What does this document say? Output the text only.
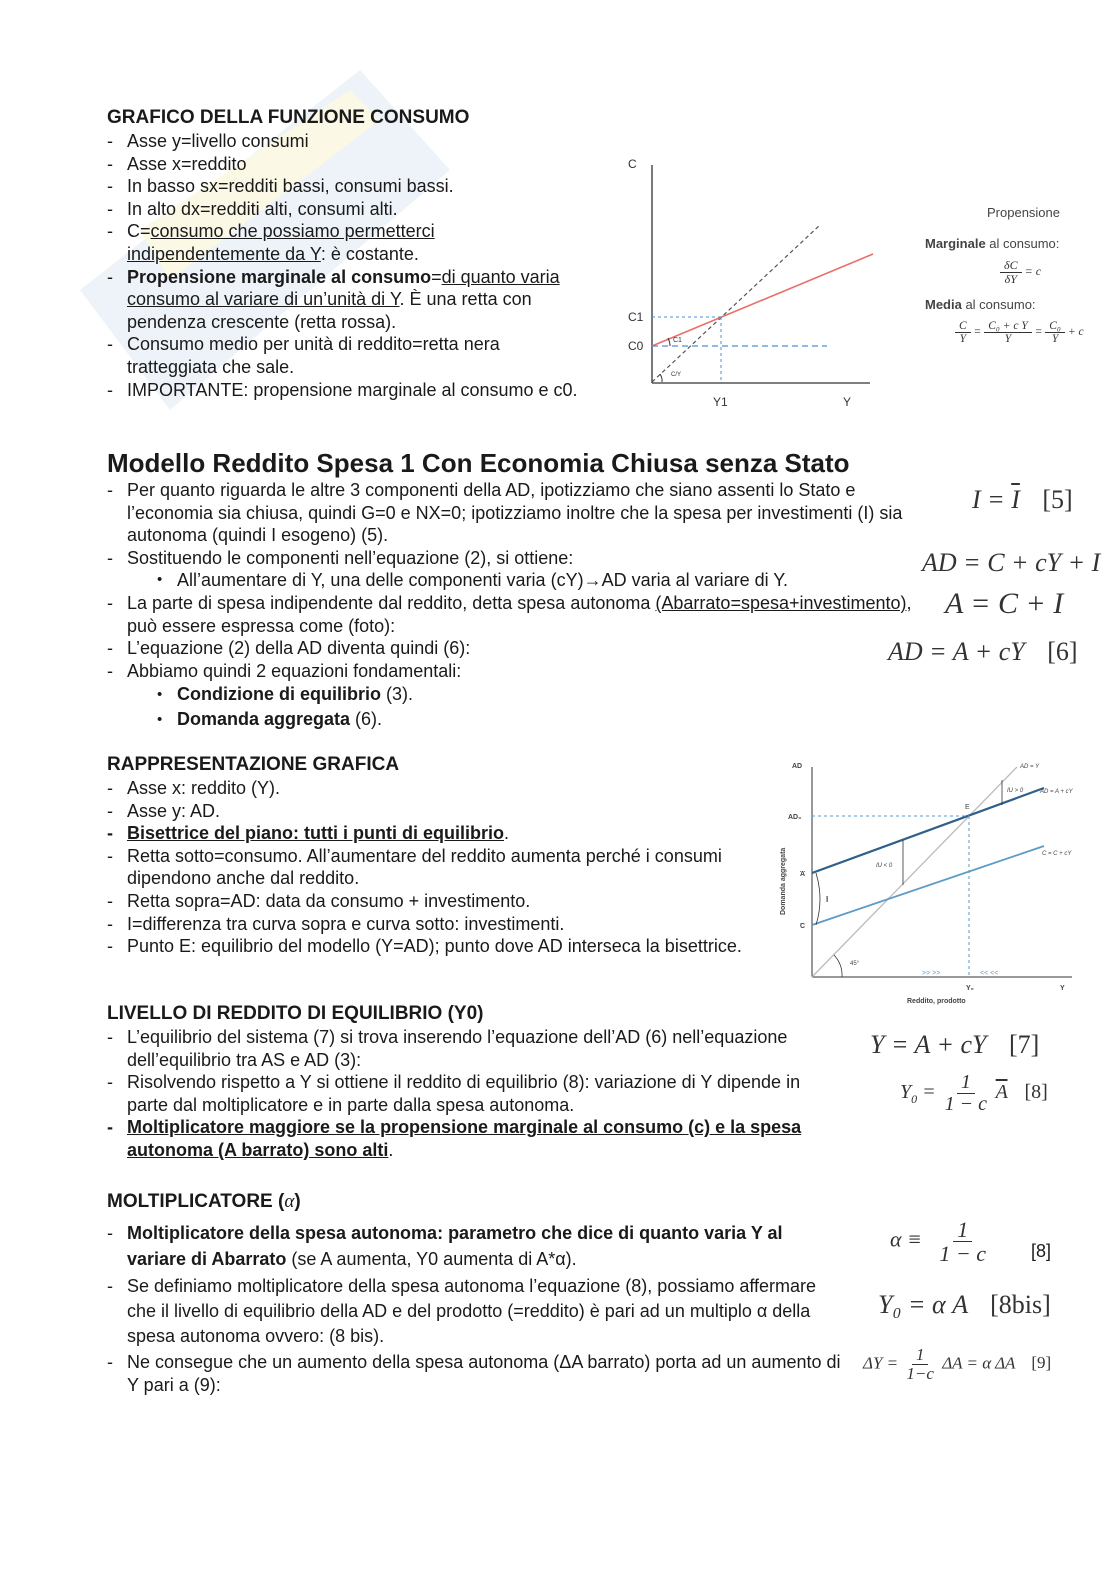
GRAFICO DELLA FUNZIONE CONSUMO
- Asse y=livello consumi
- Asse x=reddito
- In basso sx=redditi bassi, consumi bassi.
- In alto dx=redditi alti, consumi alti.
- C=consumo che possiamo permetterci indipendentemente da Y: è costante.
- Propensione marginale al consumo=di quanto varia consumo al variare di un’unità di Y. È una retta con pendenza crescente (retta rossa).
- Consumo medio per unità di reddito=retta nera tratteggiata che sale.
- IMPORTANTE: propensione marginale al consumo e c0.
C
C1
C0
Y1	Y
C1
C/Y
Propensione
Marginale al consumo:
$\frac{\delta C}{\delta Y} = c$
Media al consumo:
$\frac{C}{Y} = \frac{\text{C₀ + c Y}}{Y} = \frac{\text{C₀}}{Y} + c$
Modello Reddito Spesa 1 Con Economia Chiusa senza Stato
- Per quanto riguarda le altre 3 componenti della AD, ipotizziamo che siano assenti lo Stato e l’economia sia chiusa, quindi G=0 e NX=0; ipotizziamo inoltre che la spesa per investimenti (I) sia autonoma (quindi I esogeno) (5).
- Sostituendo le componenti nell’equazione (2), si ottiene:
• All’aumentare di Y, una delle componenti varia (cY)→AD varia al variare di Y.
- La parte di spesa indipendente dal reddito, detta spesa autonoma (Abarrato=spesa+investimento), può essere espressa come (foto):
- L’equazione (2) della AD diventa quindi (6):
- Abbiamo quindi 2 equazioni fondamentali:
• Condizione di equilibrio (3).
• Domanda aggregata (6).
$I = \overline{I}$ [5]
AD = C + cY + I
A = C + I
AD = A + cY [6]
RAPPRESENTAZIONE GRAFICA
- Asse x: reddito (Y).
- Asse y: AD.
- Bisettrice del piano: tutti i punti di equilibrio.
- Retta sotto=consumo. All’aumentare del reddito aumenta perché i consumi dipendono anche dal reddito.
- Retta sopra=AD: data da consumo + investimento.
- I=differenza tra curva sopra e curva sotto: investimenti.
- Punto E: equilibrio del modello (Y=AD); punto dove AD interseca la bisettrice.
AD
AD₀
A
C
I
E
45°
AD = Y
AD = A + cY
C = C + cY
IU > 0
IU < 0
>> >>	<< <<
Y₀	Y
Reddito, prodotto
Domanda aggregata
LIVELLO DI REDDITO DI EQUILIBRIO (Y0)
- L’equilibrio del sistema (7) si trova inserendo l’equazione dell’AD (6) nell’equazione dell’equilibrio tra AS e AD (3):
- Risolvendo rispetto a Y si ottiene il reddito di equilibrio (8): variazione di Y dipende in parte dal moltiplicatore e in parte dalla spesa autonoma.
- Moltiplicatore maggiore se la propensione marginale al consumo (c) e la spesa autonoma (A barrato) sono alti.
Y = A + cY [7]
$Y_0 = \frac{1}{1 - c} \overline{A}$ [8]
MOLTIPLICATORE (α)
- Moltiplicatore della spesa autonoma: parametro che dice di quanto varia Y al variare di Abarrato (se A aumenta, Y0 aumenta di A*α).
- Se definiamo moltiplicatore della spesa autonoma l’equazione (8), possiamo affermare che il livello di equilibrio della AD e del prodotto (=reddito) è pari ad un multiplo α della spesa autonoma ovvero: (8 bis).
- Ne consegue che un aumento della spesa autonoma (ΔA barrato) porta ad un aumento di Y pari a (9):
$\alpha \equiv \frac{1}{1 - c} [8]$
Y₀ = α A [8bis]
$\Delta Y = \frac{1}{1-c}$ ΔA = α ΔA [9]
